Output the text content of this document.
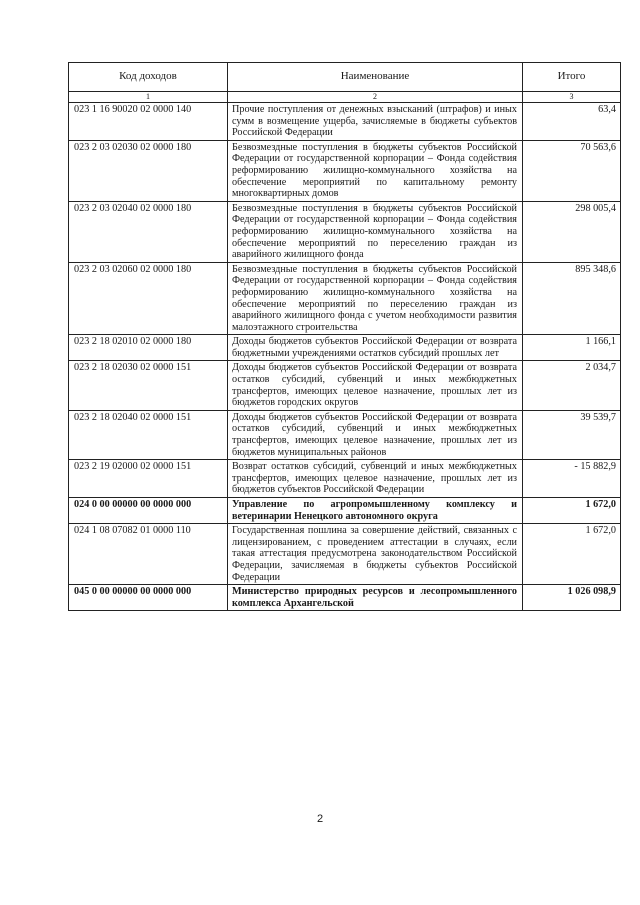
Код доходов	Наименование	Итого
1	2	3
023 1 16 90020 02 0000 140	Прочие поступления от денежных взысканий (штрафов) и иных сумм в возмещение ущерба, зачисляемые в бюджеты субъектов Российской Федерации	63,4
023 2 03 02030 02 0000 180	Безвозмездные поступления в бюджеты субъектов Российской Федерации от государственной корпорации – Фонда содействия реформированию жилищно-коммунального хозяйства на обеспечение мероприятий по капитальному ремонту многоквартирных домов	70 563,6
023 2 03 02040 02 0000 180	Безвозмездные поступления в бюджеты субъектов Российской Федерации от государственной корпорации – Фонда содействия реформированию жилищно-коммунального хозяйства на обеспечение мероприятий по переселению граждан из аварийного жилищного фонда	298 005,4
023 2 03 02060 02 0000 180	Безвозмездные поступления в бюджеты субъектов Российской Федерации от государственной корпорации – Фонда содействия реформированию жилищно-коммунального хозяйства на обеспечение мероприятий по переселению граждан из аварийного жилищного фонда с учетом необходимости развития малоэтажного строительства	895 348,6
023 2 18 02010 02 0000 180	Доходы бюджетов субъектов Российской Федерации от возврата бюджетными учреждениями остатков субсидий прошлых лет	1 166,1
023 2 18 02030 02 0000 151	Доходы бюджетов субъектов Российской Федерации от возврата остатков субсидий, субвенций и иных межбюджетных трансфертов, имеющих целевое назначение, прошлых лет из бюджетов городских округов	2 034,7
023 2 18 02040 02 0000 151	Доходы бюджетов субъектов Российской Федерации от возврата остатков субсидий, субвенций и иных межбюджетных трансфертов, имеющих целевое назначение, прошлых лет из бюджетов муниципальных районов	39 539,7
023 2 19 02000 02 0000 151	Возврат остатков субсидий, субвенций и иных межбюджетных трансфертов, имеющих целевое назначение, прошлых лет из бюджетов субъектов Российской Федерации	- 15 882,9
024 0 00 00000 00 0000 000	Управление по агропромышленному комплексу и ветеринарии Ненецкого автономного округа	1 672,0
024 1 08 07082 01 0000 110	Государственная пошлина за совершение действий, связанных с лицензированием, с проведением аттестации в случаях, если такая аттестация предусмотрена законодательством Российской Федерации, зачисляемая в бюджеты субъектов Российской Федерации	1 672,0
045 0 00 00000 00 0000 000	Министерство природных ресурсов и лесопромышленного комплекса Архангельской	1 026 098,9
2
